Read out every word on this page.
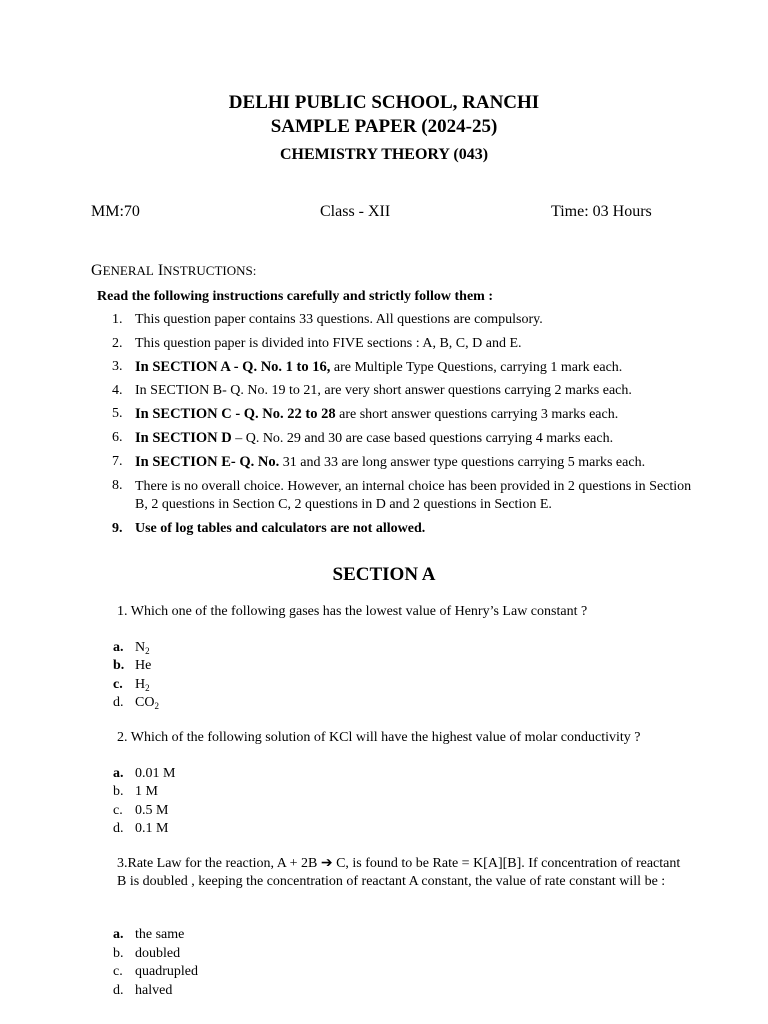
DELHI PUBLIC SCHOOL, RANCHI
SAMPLE PAPER (2024-25)
CHEMISTRY THEORY (043)
MM:70	Class - XII	Time: 03 Hours
GENERAL INSTRUCTIONS:
Read the following instructions carefully and strictly follow them :
1. This question paper contains 33 questions. All questions are compulsory.
2. This question paper is divided into FIVE sections : A, B, C, D and E.
3. In SECTION A - Q. No. 1 to 16, are Multiple Type Questions, carrying 1 mark each.
4. In SECTION B- Q. No. 19 to 21, are very short answer questions carrying 2 marks each.
5. In SECTION C - Q. No. 22 to 28 are short answer questions carrying 3 marks each.
6. In SECTION D – Q. No. 29 and 30 are case based questions carrying 4 marks each.
7. In SECTION E- Q. No. 31 and 33 are long answer type questions carrying 5 marks each.
8. There is no overall choice. However, an internal choice has been provided in 2 questions in Section B, 2 questions in Section C, 2 questions in D and 2 questions in Section E.
9. Use of log tables and calculators are not allowed.
SECTION A
1. Which one of the following gases has the lowest value of Henry’s Law constant ?
a. $N_2$
b. He
c. $H_2$
d. $CO_2$
2. Which of the following solution of KCl will have the highest value of molar conductivity ?
a. 0.01 M
b. 1 M
c. 0.5 M
d. 0.1 M
3.Rate Law for the reaction, A + 2B ➔ C, is found to be Rate = K[A][B]. If concentration of reactant B is doubled , keeping the concentration of reactant A constant, the value of rate constant will be :
a. the same
b. doubled
c. quadrupled
d. halved
